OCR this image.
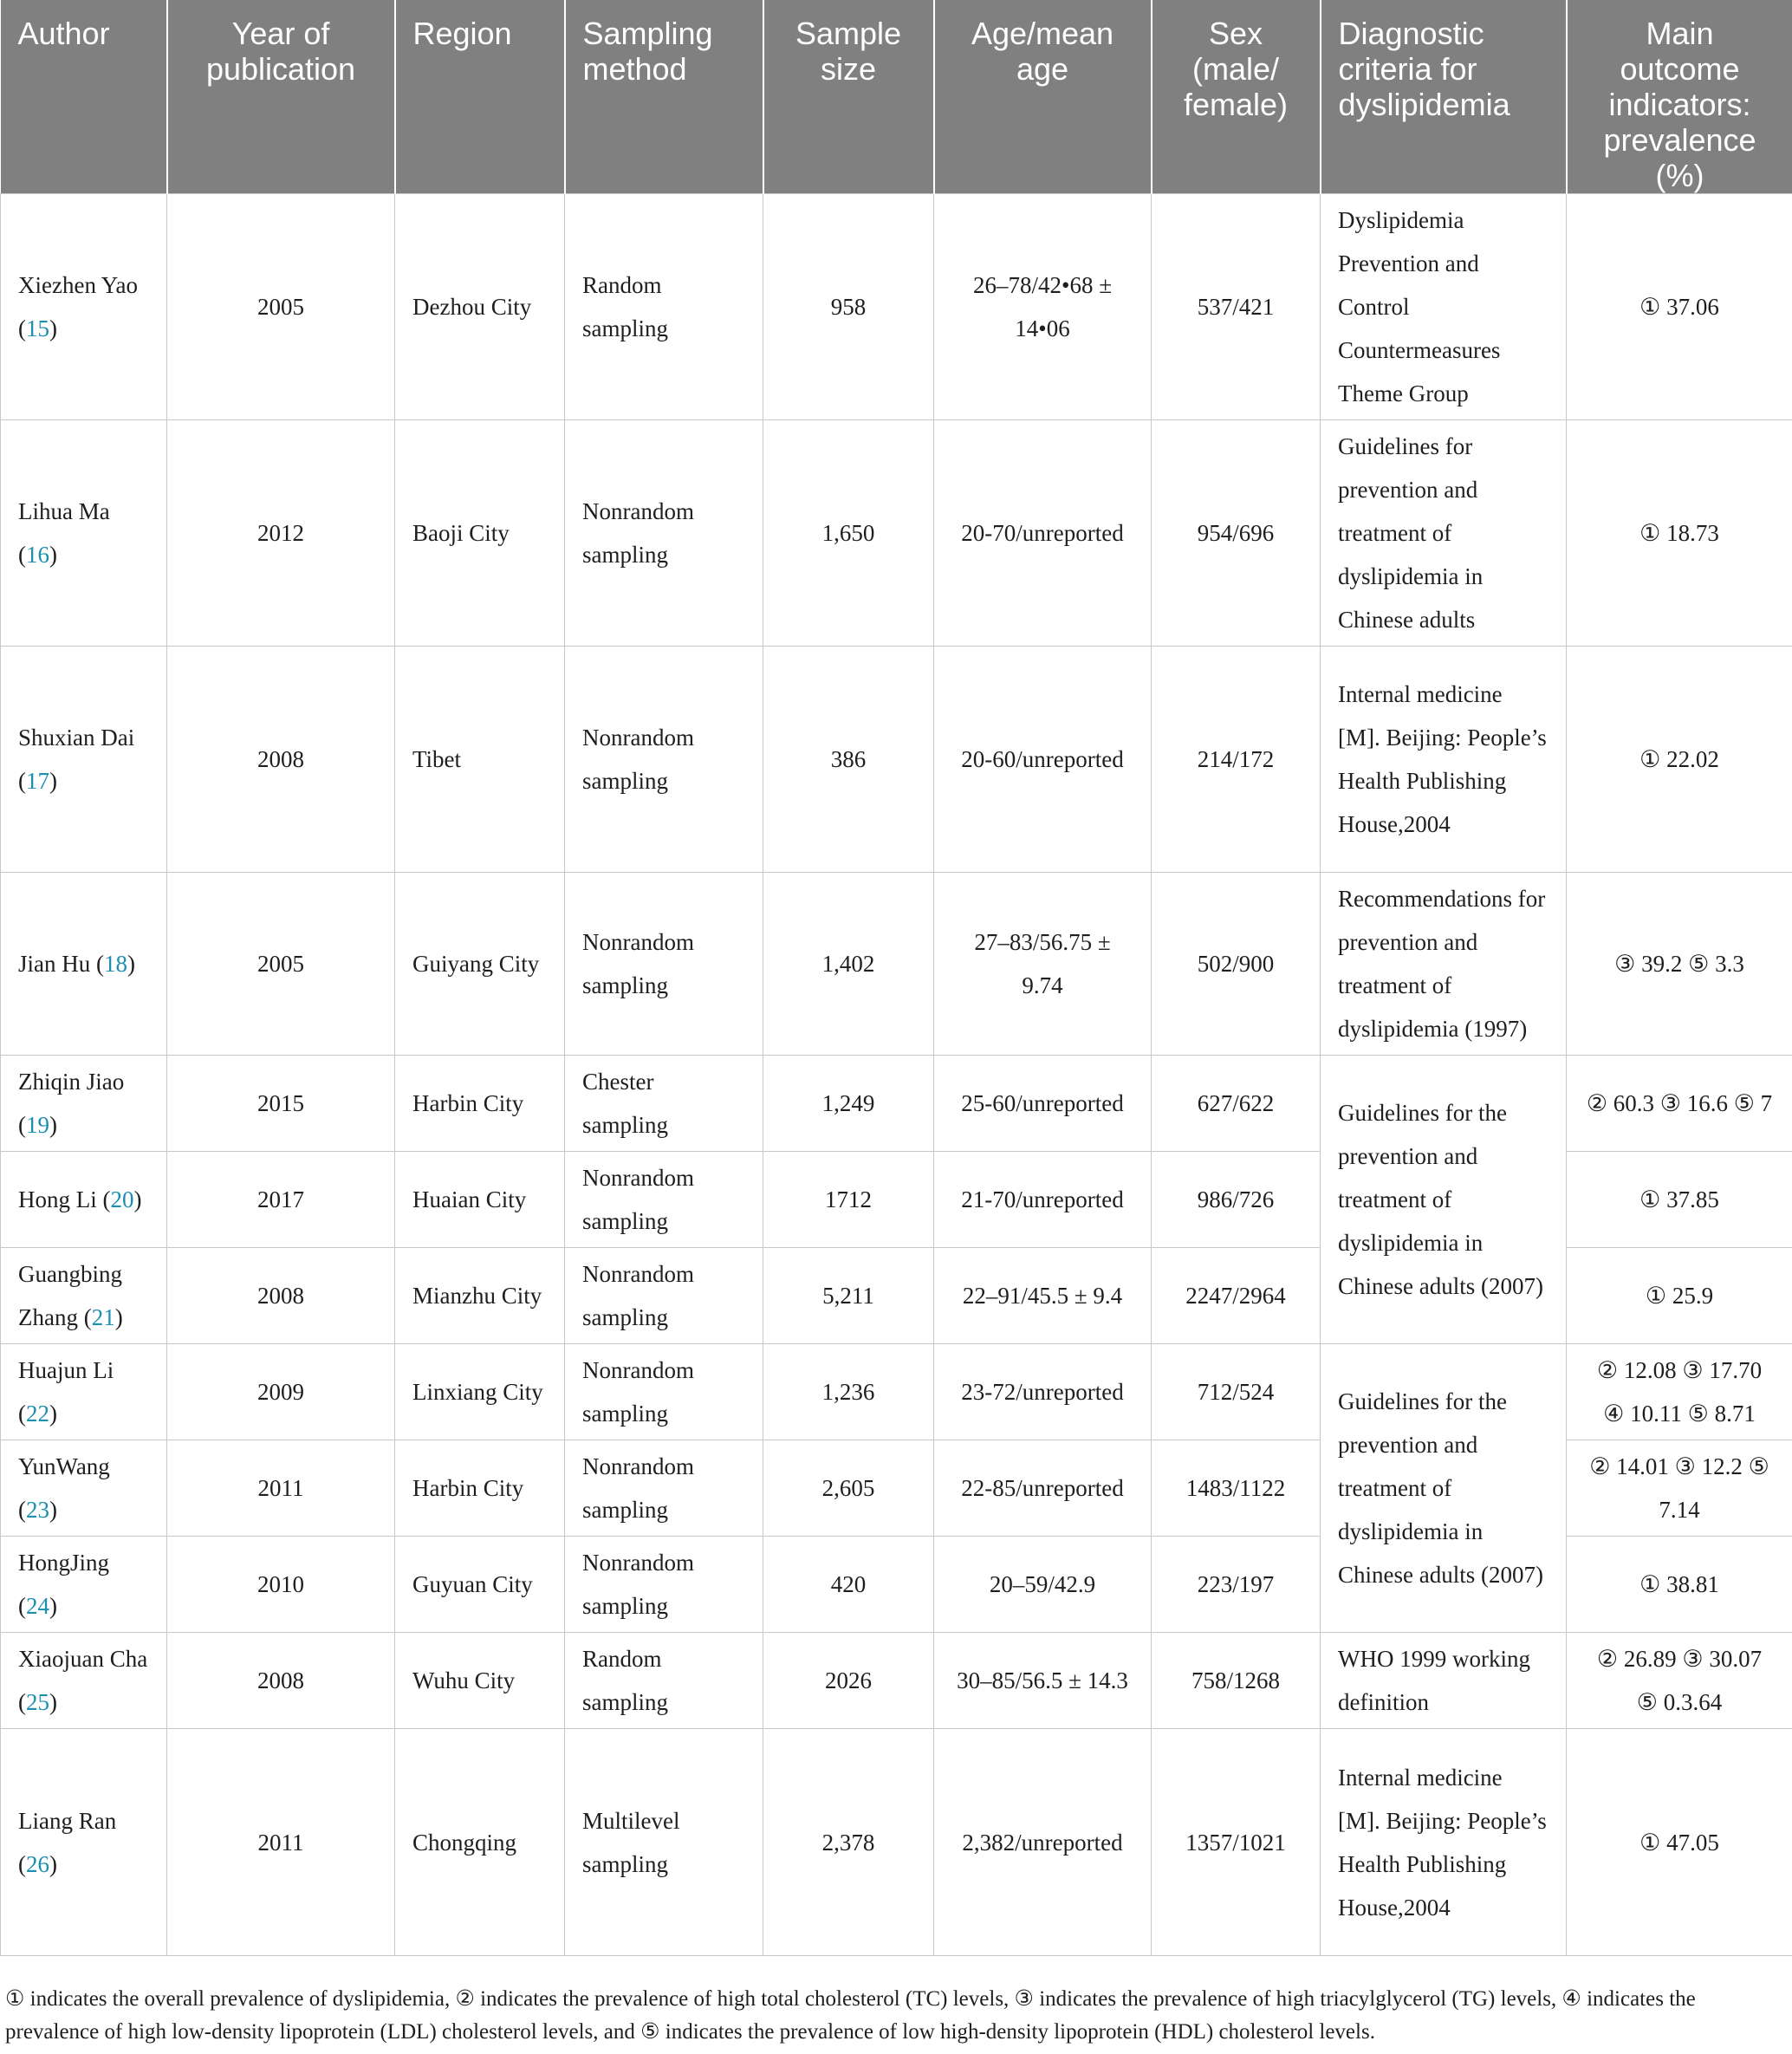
Author	Year of publication	Region	Sampling method	Sample size	Age/mean age	Sex (male/ female)	Diagnostic criteria for dyslipidemia	Main outcome indicators: prevalence (%)
Xiezhen Yao (15)	2005	Dezhou City	Random sampling	958	26–78/42•68 ± 14•06	537/421	Dyslipidemia Prevention and Control Countermeasures Theme Group	① 37.06
Lihua Ma (16)	2012	Baoji City	Nonrandom sampling	1,650	20-70/unreported	954/696	Guidelines for prevention and treatment of dyslipidemia in Chinese adults	① 18.73
Shuxian Dai (17)	2008	Tibet	Nonrandom sampling	386	20-60/unreported	214/172	Internal medicine [M]. Beijing: People’s Health Publishing House,2004	① 22.02
Jian Hu (18)	2005	Guiyang City	Nonrandom sampling	1,402	27–83/56.75 ± 9.74	502/900	Recommendations for prevention and treatment of dyslipidemia (1997)	③ 39.2 ⑤ 3.3
Zhiqin Jiao (19)	2015	Harbin City	Chester sampling	1,249	25-60/unreported	627/622	Guidelines for the prevention and treatment of dyslipidemia in Chinese adults (2007)	② 60.3 ③ 16.6 ⑤ 7
Hong Li (20)	2017	Huaian City	Nonrandom sampling	1712	21-70/unreported	986/726		① 37.85
Guangbing Zhang (21)	2008	Mianzhu City	Nonrandom sampling	5,211	22–91/45.5 ± 9.4	2247/2964		① 25.9
Huajun Li (22)	2009	Linxiang City	Nonrandom sampling	1,236	23-72/unreported	712/524	Guidelines for the prevention and treatment of dyslipidemia in Chinese adults (2007)	② 12.08 ③ 17.70 ④ 10.11 ⑤ 8.71
YunWang (23)	2011	Harbin City	Nonrandom sampling	2,605	22-85/unreported	1483/1122		② 14.01 ③ 12.2 ⑤ 7.14
HongJing (24)	2010	Guyuan City	Nonrandom sampling	420	20–59/42.9	223/197		① 38.81
Xiaojuan Cha (25)	2008	Wuhu City	Random sampling	2026	30–85/56.5 ± 14.3	758/1268	WHO 1999 working definition	② 26.89 ③ 30.07 ⑤ 0.3.64
Liang Ran (26)	2011	Chongqing	Multilevel sampling	2,378	2,382/unreported	1357/1021	Internal medicine [M]. Beijing: People’s Health Publishing House,2004	① 47.05
① indicates the overall prevalence of dyslipidemia, ② indicates the prevalence of high total cholesterol (TC) levels, ③ indicates the prevalence of high triacylglycerol (TG) levels, ④ indicates the prevalence of high low-density lipoprotein (LDL) cholesterol levels, and ⑤ indicates the prevalence of low high-density lipoprotein (HDL) cholesterol levels.
